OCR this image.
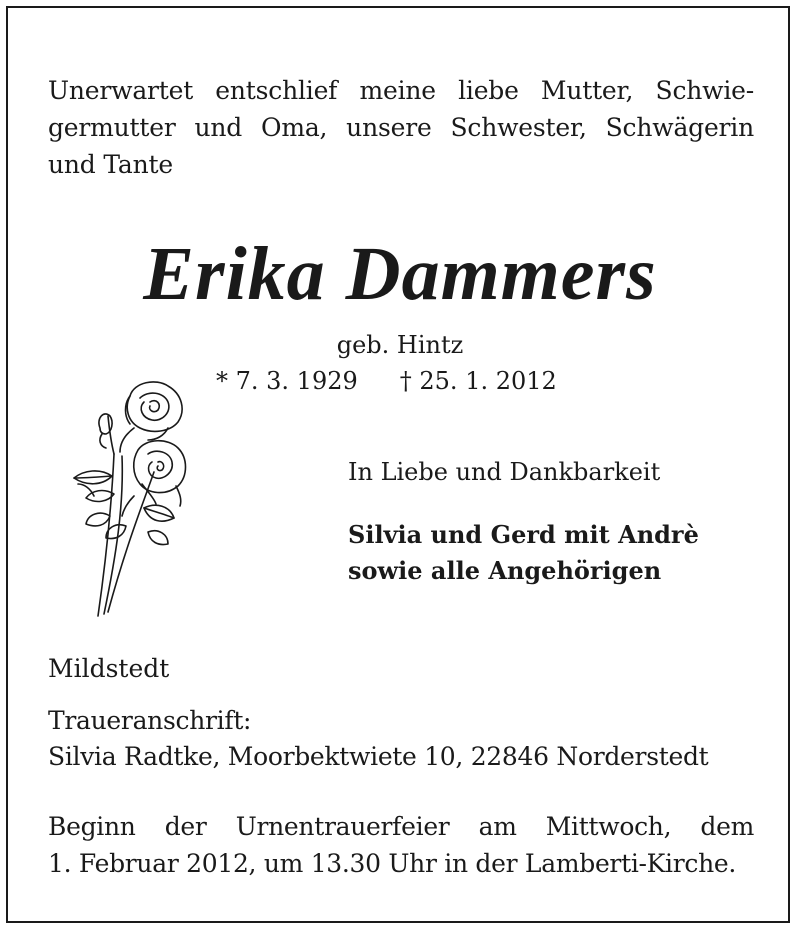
Unerwartet entschlief meine liebe Mutter, Schwie-
germutter und Oma, unsere Schwester, Schwägerin
und Tante

Erika Dammers

geb. Hintz

* 7. 3. 1929 † 25. 1. 2012

In Liebe und Dankbarkeit

Silvia und Gerd mit Andrè
sowie alle Angehörigen

Mildstedt

Traueranschrift:
Silvia Radtke, Moorbektwiete 10, 22846 Norderstedt

Beginn der Urnentrauerfeier am Mittwoch, dem
1. Februar 2012, um 13.30 Uhr in der Lamberti-Kirche.
